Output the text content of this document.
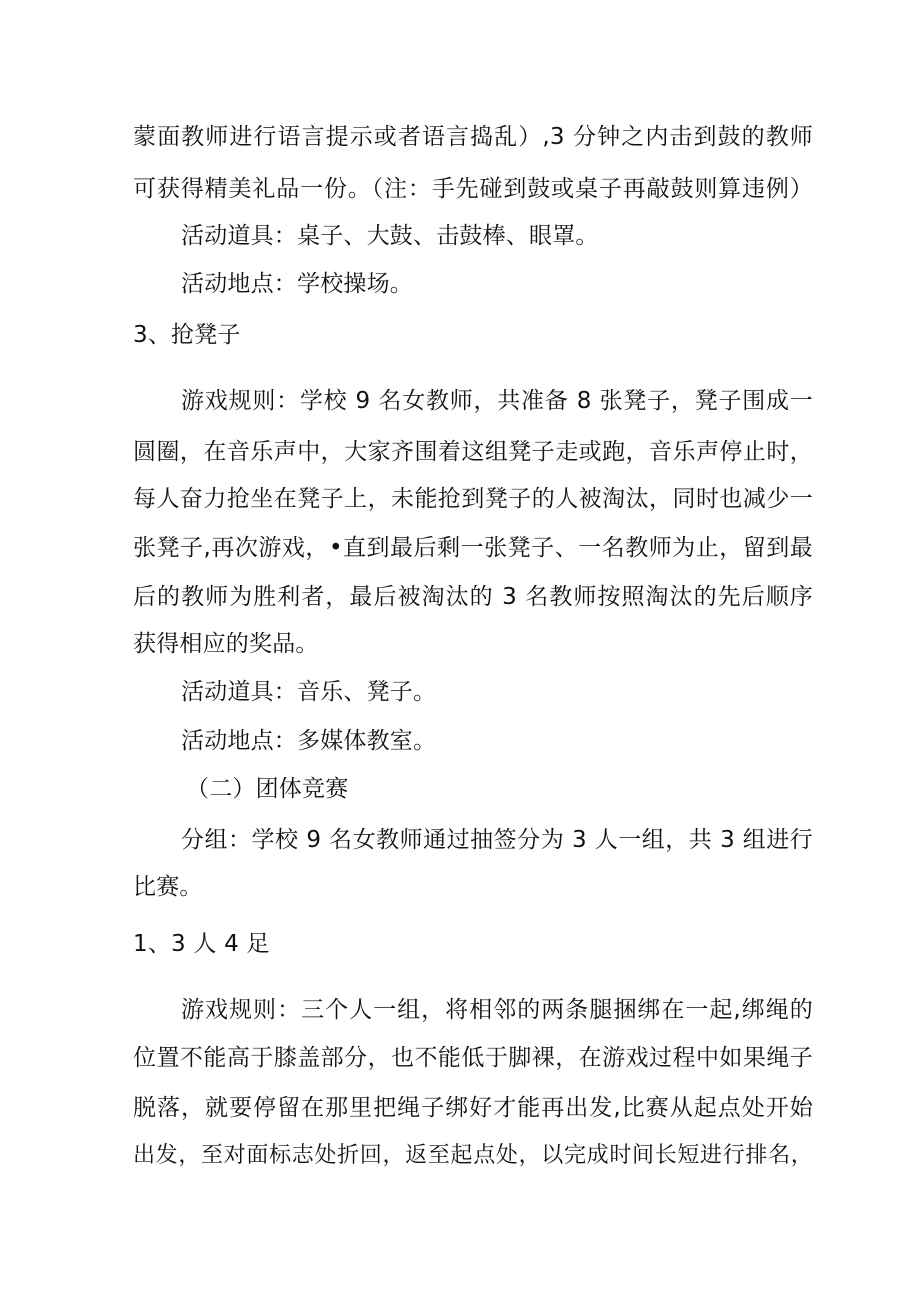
蒙面教师进行语言提示或者语言捣乱）,3 分钟之内击到鼓的教师
可获得精美礼品一份。（注：手先碰到鼓或桌子再敲鼓则算违例）
活动道具：桌子、大鼓、击鼓棒、眼罩。
活动地点：学校操场。
3、抢凳子
游戏规则：学校 9 名女教师，共准备 8 张凳子，凳子围成一
圆圈，在音乐声中，大家齐围着这组凳子走或跑，音乐声停止时，
每人奋力抢坐在凳子上，未能抢到凳子的人被淘汰，同时也减少一
张凳子,再次游戏，•直到最后剩一张凳子、一名教师为止，留到最
后的教师为胜利者，最后被淘汰的 3 名教师按照淘汰的先后顺序
获得相应的奖品。
活动道具：音乐、凳子。
活动地点：多媒体教室。
（二）团体竞赛
分组：学校 9 名女教师通过抽签分为 3 人一组，共 3 组进行
比赛。
1、3 人 4 足
游戏规则：三个人一组，将相邻的两条腿捆绑在一起,绑绳的
位置不能高于膝盖部分，也不能低于脚裸，在游戏过程中如果绳子
脱落，就要停留在那里把绳子绑好才能再出发,比赛从起点处开始
出发，至对面标志处折回，返至起点处，以完成时间长短进行排名，
